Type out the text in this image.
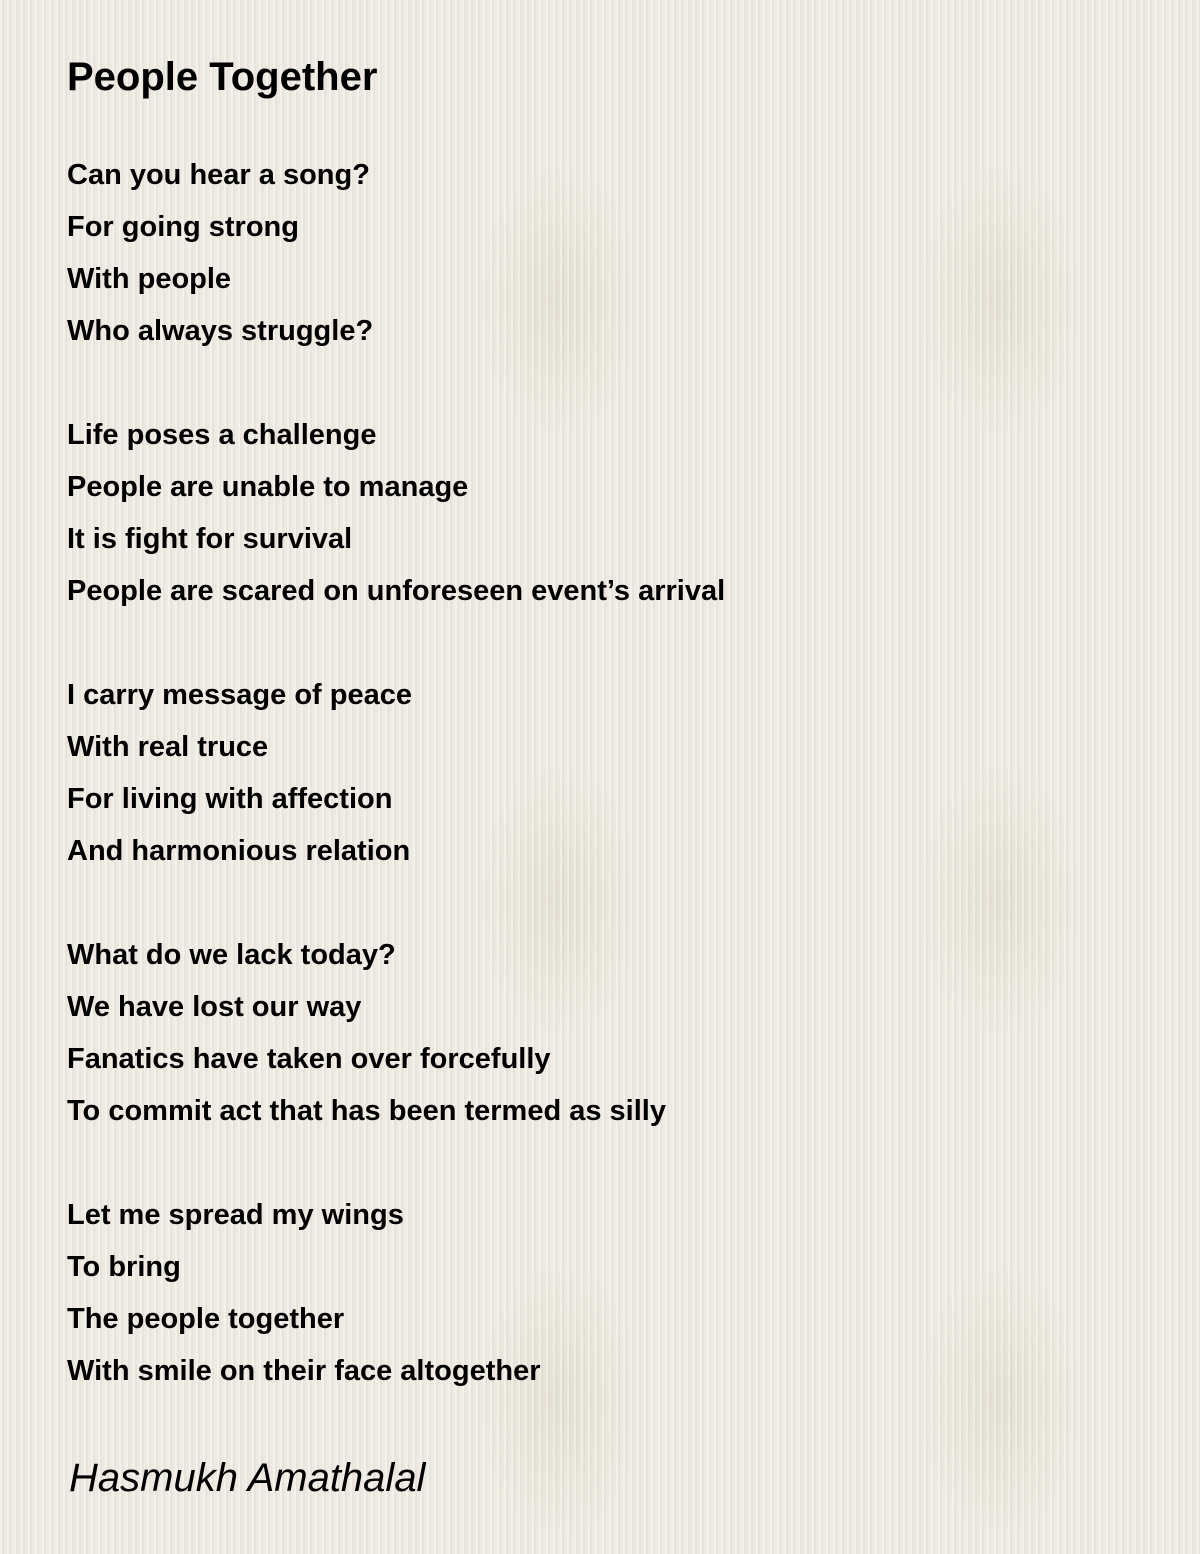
People Together
Can you hear a song?
For going strong
With people
Who always struggle?
Life poses a challenge
People are unable to manage
It is fight for survival
People are scared on unforeseen event’s arrival
I carry message of peace
With real truce
For living with affection
And harmonious relation
What do we lack today?
We have lost our way
Fanatics have taken over forcefully
To commit act that has been termed as silly
Let me spread my wings
To bring
The people together
With smile on their face altogether
Hasmukh Amathalal
